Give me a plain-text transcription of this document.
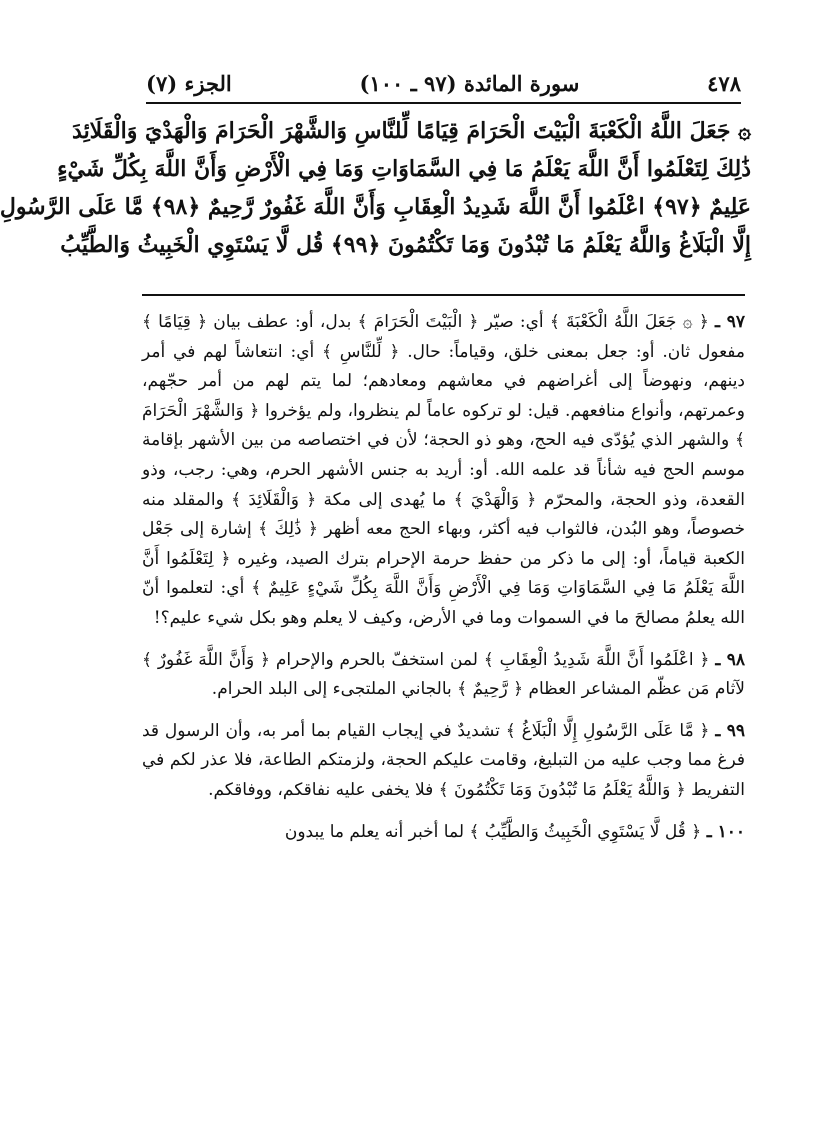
٤٧٨
سورة المائدة (٩٧ ـ ١٠٠)
الجزء (٧)
۞ جَعَلَ اللَّهُ الْكَعْبَةَ الْبَيْتَ الْحَرَامَ قِيَامًا لِّلنَّاسِ وَالشَّهْرَ الْحَرَامَ وَالْهَدْيَ وَالْقَلَائِدَ
ذَٰلِكَ لِتَعْلَمُوا أَنَّ اللَّهَ يَعْلَمُ مَا فِي السَّمَاوَاتِ وَمَا فِي الْأَرْضِ وَأَنَّ اللَّهَ بِكُلِّ شَيْءٍ
عَلِيمٌ ﴿٩٧﴾ اعْلَمُوا أَنَّ اللَّهَ شَدِيدُ الْعِقَابِ وَأَنَّ اللَّهَ غَفُورٌ رَّحِيمٌ ﴿٩٨﴾ مَّا عَلَى الرَّسُولِ
إِلَّا الْبَلَاغُ وَاللَّهُ يَعْلَمُ مَا تُبْدُونَ وَمَا تَكْتُمُونَ ﴿٩٩﴾ قُل لَّا يَسْتَوِي الْخَبِيثُ وَالطَّيِّبُ

٩٧ ـ ﴿ ۞ جَعَلَ اللَّهُ الْكَعْبَةَ ﴾ أي: صيّر ﴿ الْبَيْتَ الْحَرَامَ ﴾ بدل، أو: عطف بيان ﴿ قِيَامًا ﴾ مفعول ثان. أو: جعل بمعنى خلق، وقياماً: حال. ﴿ لِّلنَّاسِ ﴾ أي: انتعاشاً لهم في أمر دينهم، ونهوضاً إلى أغراضهم في معاشهم ومعادهم؛ لما يتم لهم من أمر حجّهم، وعمرتهم، وأنواع منافعهم. قيل: لو تركوه عاماً لم ينظروا، ولم يؤخروا ﴿ وَالشَّهْرَ الْحَرَامَ ﴾ والشهر الذي يُؤدّى فيه الحج، وهو ذو الحجة؛ لأن في اختصاصه من بين الأشهر بإقامة موسم الحج فيه شأناً قد علمه الله. أو: أريد به جنس الأشهر الحرم، وهي: رجب، وذو القعدة، وذو الحجة، والمحرّم ﴿ وَالْهَدْيَ ﴾ ما يُهدى إلى مكة ﴿ وَالْقَلَائِدَ ﴾ والمقلد منه خصوصاً، وهو البُدن، فالثواب فيه أكثر، وبهاء الحج معه أظهر ﴿ ذَٰلِكَ ﴾ إشارة إلى جَعْل الكعبة قياماً، أو: إلى ما ذكر من حفظ حرمة الإحرام بترك الصيد، وغيره ﴿ لِتَعْلَمُوا أَنَّ اللَّهَ يَعْلَمُ مَا فِي السَّمَاوَاتِ وَمَا فِي الْأَرْضِ وَأَنَّ اللَّهَ بِكُلِّ شَيْءٍ عَلِيمٌ ﴾ أي: لتعلموا أنّ الله يعلمُ مصالحَ ما في السموات وما في الأرض، وكيف لا يعلم وهو بكل شيء عليم؟!

٩٨ ـ ﴿ اعْلَمُوا أَنَّ اللَّهَ شَدِيدُ الْعِقَابِ ﴾ لمن استخفّ بالحرم والإحرام ﴿ وَأَنَّ اللَّهَ غَفُورٌ ﴾ لآثام مَن عظّم المشاعر العظام ﴿ رَّحِيمٌ ﴾ بالجاني الملتجىء إلى البلد الحرام.

٩٩ ـ ﴿ مَّا عَلَى الرَّسُولِ إِلَّا الْبَلَاغُ ﴾ تشديدٌ في إيجاب القيام بما أمر به، وأن الرسول قد فرغ مما وجب عليه من التبليغ، وقامت عليكم الحجة، ولزمتكم الطاعة، فلا عذر لكم في التفريط ﴿ وَاللَّهُ يَعْلَمُ مَا تُبْدُونَ وَمَا تَكْتُمُونَ ﴾ فلا يخفى عليه نفاقكم، ووفاقكم.

١٠٠ ـ ﴿ قُل لَّا يَسْتَوِي الْخَبِيثُ وَالطَّيِّبُ ﴾ لما أخبر أنه يعلم ما يبدون
